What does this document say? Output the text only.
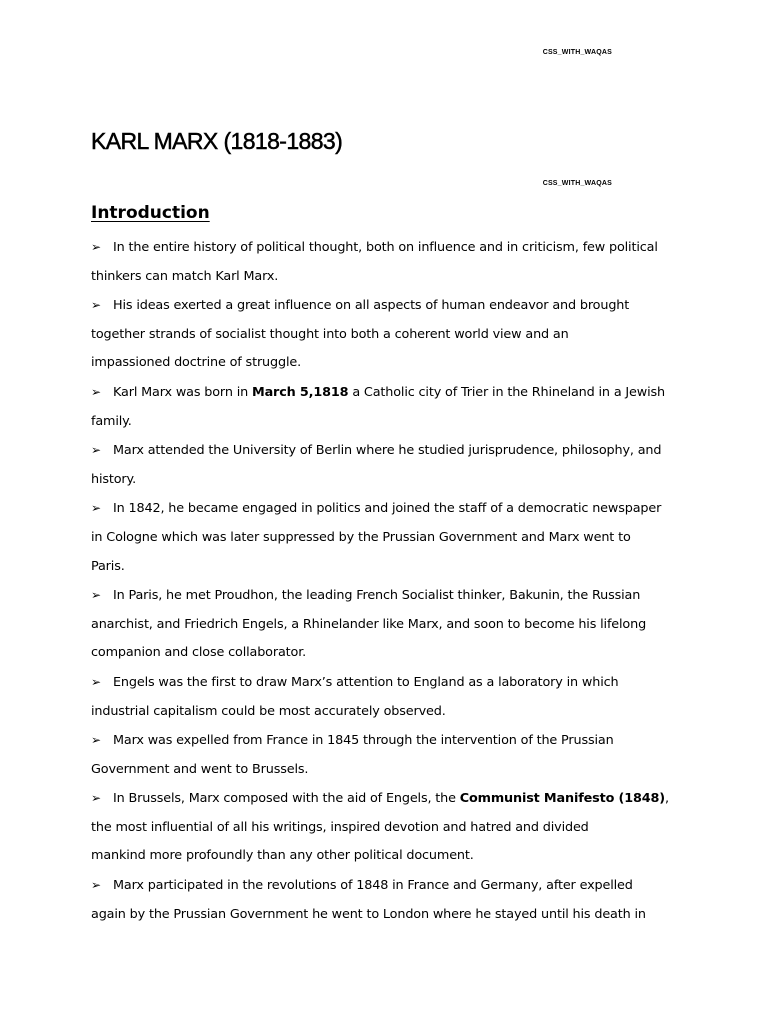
CSS_WITH_WAQAS
KARL MARX (1818-1883)
CSS_WITH_WAQAS
Introduction
➢ In the entire history of political thought, both on influence and in criticism, few political
thinkers can match Karl Marx.
➢ His ideas exerted a great influence on all aspects of human endeavor and brought
together strands of socialist thought into both a coherent world view and an
impassioned doctrine of struggle.
➢ Karl Marx was born in March 5,1818 a Catholic city of Trier in the Rhineland in a Jewish
family.
➢ Marx attended the University of Berlin where he studied jurisprudence, philosophy, and
history.
➢ In 1842, he became engaged in politics and joined the staff of a democratic newspaper
in Cologne which was later suppressed by the Prussian Government and Marx went to
Paris.
➢ In Paris, he met Proudhon, the leading French Socialist thinker, Bakunin, the Russian
anarchist, and Friedrich Engels, a Rhinelander like Marx, and soon to become his lifelong
companion and close collaborator.
➢ Engels was the first to draw Marx’s attention to England as a laboratory in which
industrial capitalism could be most accurately observed.
➢ Marx was expelled from France in 1845 through the intervention of the Prussian
Government and went to Brussels.
➢ In Brussels, Marx composed with the aid of Engels, the Communist Manifesto (1848),
the most influential of all his writings, inspired devotion and hatred and divided
mankind more profoundly than any other political document.
➢ Marx participated in the revolutions of 1848 in France and Germany, after expelled
again by the Prussian Government he went to London where he stayed until his death in
